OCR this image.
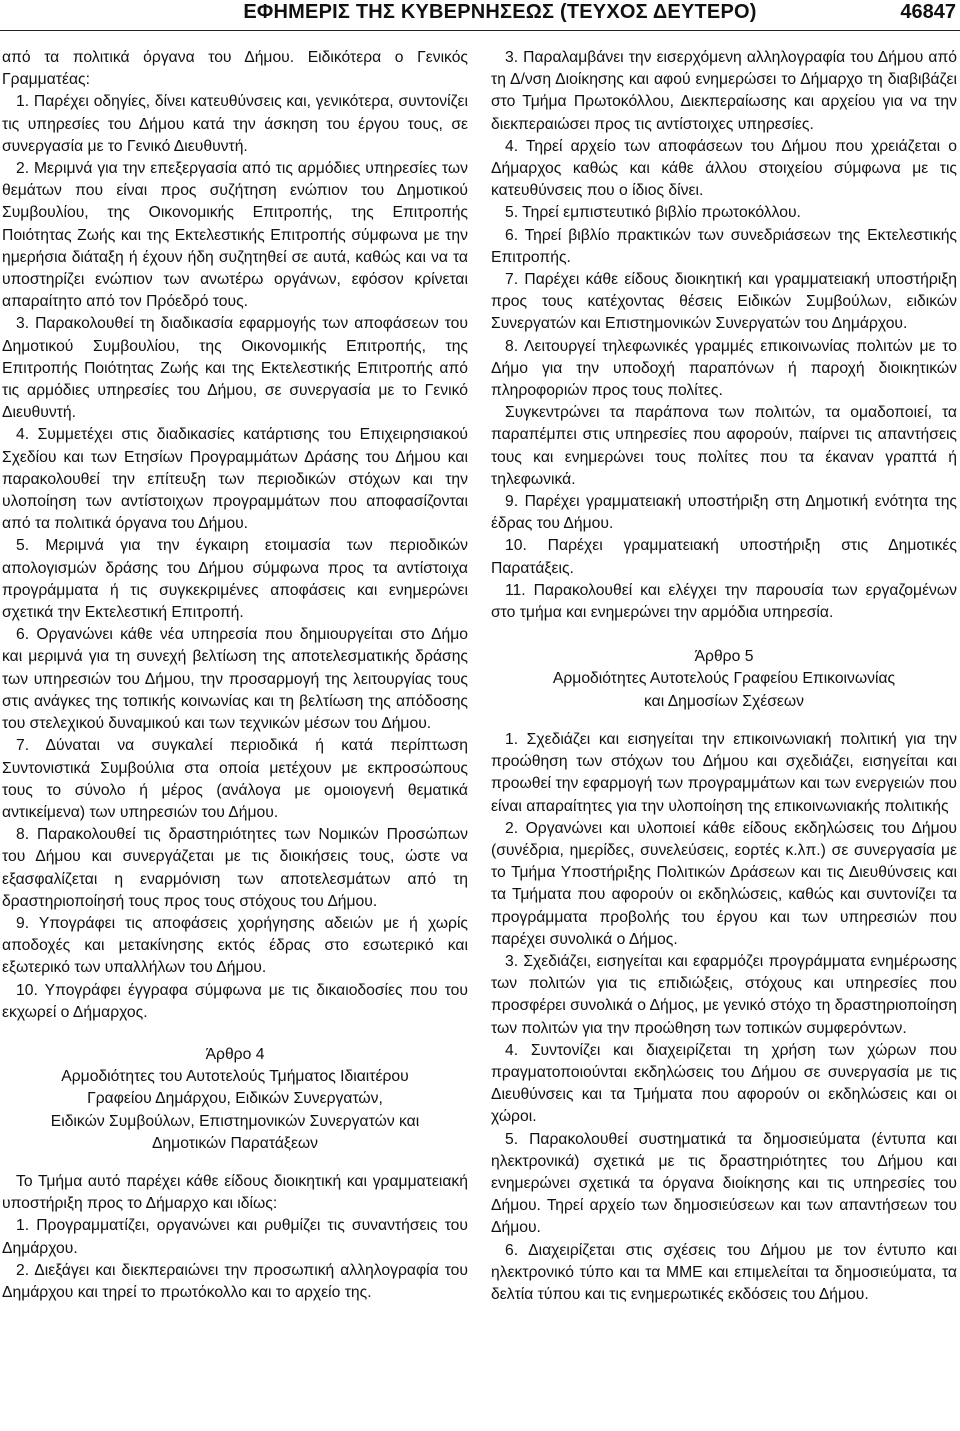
ΕΦΗΜΕΡΙΣ ΤΗΣ ΚΥΒΕΡΝΗΣΕΩΣ (ΤΕΥΧΟΣ ΔΕΥΤΕΡΟ)	46847

από τα πολιτικά όργανα του Δήμου. Ειδικότερα ο Γενικός Γραμματέας:

1. Παρέχει οδηγίες, δίνει κατευθύνσεις και, γενικότερα, συντονίζει τις υπηρεσίες του Δήμου κατά την άσκηση του έργου τους, σε συνεργασία με το Γενικό Διευθυντή.

2. Μεριμνά για την επεξεργασία από τις αρμόδιες υπηρεσίες των θεμάτων που είναι προς συζήτηση ενώπιον του Δημοτικού Συμβουλίου, της Οικονομικής Επιτροπής, της Επιτροπής Ποιότητας Ζωής και της Εκτελεστικής Επιτροπής σύμφωνα με την ημερήσια διάταξη ή έχουν ήδη συζητηθεί σε αυτά, καθώς και να τα υποστηρίζει ενώπιον των ανωτέρω οργάνων, εφόσον κρίνεται απαραίτητο από τον Πρόεδρό τους.

3. Παρακολουθεί τη διαδικασία εφαρμογής των αποφάσεων του Δημοτικού Συμβουλίου, της Οικονομικής Επιτροπής, της Επιτροπής Ποιότητας Ζωής και της Εκτελεστικής Επιτροπής από τις αρμόδιες υπηρεσίες του Δήμου, σε συνεργασία με το Γενικό Διευθυντή.

4. Συμμετέχει στις διαδικασίες κατάρτισης του Επιχειρησιακού Σχεδίου και των Ετησίων Προγραμμάτων Δράσης του Δήμου και παρακολουθεί την επίτευξη των περιοδικών στόχων και την υλοποίηση των αντίστοιχων προγραμμάτων που αποφασίζονται από τα πολιτικά όργανα του Δήμου.

5. Μεριμνά για την έγκαιρη ετοιμασία των περιοδικών απολογισμών δράσης του Δήμου σύμφωνα προς τα αντίστοιχα προγράμματα ή τις συγκεκριμένες αποφάσεις και ενημερώνει σχετικά την Εκτελεστική Επιτροπή.

6. Οργανώνει κάθε νέα υπηρεσία που δημιουργείται στο Δήμο και μεριμνά για τη συνεχή βελτίωση της αποτελεσματικής δράσης των υπηρεσιών του Δήμου, την προσαρμογή της λειτουργίας τους στις ανάγκες της τοπικής κοινωνίας και τη βελτίωση της απόδοσης του στελεχικού δυναμικού και των τεχνικών μέσων του Δήμου.

7. Δύναται να συγκαλεί περιοδικά ή κατά περίπτωση Συντονιστικά Συμβούλια στα οποία μετέχουν με εκπροσώπους τους το σύνολο ή μέρος (ανάλογα με ομοιογενή θεματικά αντικείμενα) των υπηρεσιών του Δήμου.

8. Παρακολουθεί τις δραστηριότητες των Νομικών Προσώπων του Δήμου και συνεργάζεται με τις διοικήσεις τους, ώστε να εξασφαλίζεται η εναρμόνιση των αποτελεσμάτων από τη δραστηριοποίησή τους προς τους στόχους του Δήμου.

9. Υπογράφει τις αποφάσεις χορήγησης αδειών με ή χωρίς αποδοχές και μετακίνησης εκτός έδρας στο εσωτερικό και εξωτερικό των υπαλλήλων του Δήμου.

10. Υπογράφει έγγραφα σύμφωνα με τις δικαιοδοσίες που του εκχωρεί ο Δήμαρχος.

Άρθρο 4
Αρμοδιότητες του Αυτοτελούς Τμήματος Ιδιαιτέρου
Γραφείου Δημάρχου, Ειδικών Συνεργατών,
Ειδικών Συμβούλων, Επιστημονικών Συνεργατών και
Δημοτικών Παρατάξεων

Το Τμήμα αυτό παρέχει κάθε είδους διοικητική και γραμματειακή υποστήριξη προς το Δήμαρχο και ιδίως:

1. Προγραμματίζει, οργανώνει και ρυθμίζει τις συναντήσεις του Δημάρχου.

2. Διεξάγει και διεκπεραιώνει την προσωπική αλληλογραφία του Δημάρχου και τηρεί το πρωτόκολλο και το αρχείο της.

3. Παραλαμβάνει την εισερχόμενη αλληλογραφία του Δήμου από τη Δ/νση Διοίκησης και αφού ενημερώσει το Δήμαρχο τη διαβιβάζει στο Τμήμα Πρωτοκόλλου, Διεκπεραίωσης και αρχείου για να την διεκπεραιώσει προς τις αντίστοιχες υπηρεσίες.

4. Τηρεί αρχείο των αποφάσεων του Δήμου που χρειάζεται ο Δήμαρχος καθώς και κάθε άλλου στοιχείου σύμφωνα με τις κατευθύνσεις που ο ίδιος δίνει.

5. Τηρεί εμπιστευτικό βιβλίο πρωτοκόλλου.

6. Τηρεί βιβλίο πρακτικών των συνεδριάσεων της Εκτελεστικής Επιτροπής.

7. Παρέχει κάθε είδους διοικητική και γραμματειακή υποστήριξη προς τους κατέχοντας θέσεις Ειδικών Συμβούλων, ειδικών Συνεργατών και Επιστημονικών Συνεργατών του Δημάρχου.

8. Λειτουργεί τηλεφωνικές γραμμές επικοινωνίας πολιτών με το Δήμο για την υποδοχή παραπόνων ή παροχή διοικητικών πληροφοριών προς τους πολίτες.

Συγκεντρώνει τα παράπονα των πολιτών, τα ομαδοποιεί, τα παραπέμπει στις υπηρεσίες που αφορούν, παίρνει τις απαντήσεις τους και ενημερώνει τους πολίτες που τα έκαναν γραπτά ή τηλεφωνικά.

9. Παρέχει γραμματειακή υποστήριξη στη Δημοτική ενότητα της έδρας του Δήμου.

10. Παρέχει γραμματειακή υποστήριξη στις Δημοτικές Παρατάξεις.

11. Παρακολουθεί και ελέγχει την παρουσία των εργαζομένων στο τμήμα και ενημερώνει την αρμόδια υπηρεσία.

Άρθρο 5
Αρμοδιότητες Αυτοτελούς Γραφείου Επικοινωνίας
και Δημοσίων Σχέσεων

1. Σχεδιάζει και εισηγείται την επικοινωνιακή πολιτική για την προώθηση των στόχων του Δήμου και σχεδιάζει, εισηγείται και προωθεί την εφαρμογή των προγραμμάτων και των ενεργειών που είναι απαραίτητες για την υλοποίηση της επικοινωνιακής πολιτικής

2. Οργανώνει και υλοποιεί κάθε είδους εκδηλώσεις του Δήμου (συνέδρια, ημερίδες, συνελεύσεις, εορτές κ.λπ.) σε συνεργασία με το Τμήμα Υποστήριξης Πολιτικών Δράσεων και τις Διευθύνσεις και τα Τμήματα που αφορούν οι εκδηλώσεις, καθώς και συντονίζει τα προγράμματα προβολής του έργου και των υπηρεσιών που παρέχει συνολικά ο Δήμος.

3. Σχεδιάζει, εισηγείται και εφαρμόζει προγράμματα ενημέρωσης των πολιτών για τις επιδιώξεις, στόχους και υπηρεσίες που προσφέρει συνολικά ο Δήμος, με γενικό στόχο τη δραστηριοποίηση των πολιτών για την προώθηση των τοπικών συμφερόντων.

4. Συντονίζει και διαχειρίζεται τη χρήση των χώρων που πραγματοποιούνται εκδηλώσεις του Δήμου σε συνεργασία με τις Διευθύνσεις και τα Τμήματα που αφορούν οι εκδηλώσεις και οι χώροι.

5. Παρακολουθεί συστηματικά τα δημοσιεύματα (έντυπα και ηλεκτρονικά) σχετικά με τις δραστηριότητες του Δήμου και ενημερώνει σχετικά τα όργανα διοίκησης και τις υπηρεσίες του Δήμου. Τηρεί αρχείο των δημοσιεύσεων και των απαντήσεων του Δήμου.

6. Διαχειρίζεται στις σχέσεις του Δήμου με τον έντυπο και ηλεκτρονικό τύπο και τα ΜΜΕ και επιμελείται τα δημοσιεύματα, τα δελτία τύπου και τις ενημερωτικές εκδόσεις του Δήμου.
